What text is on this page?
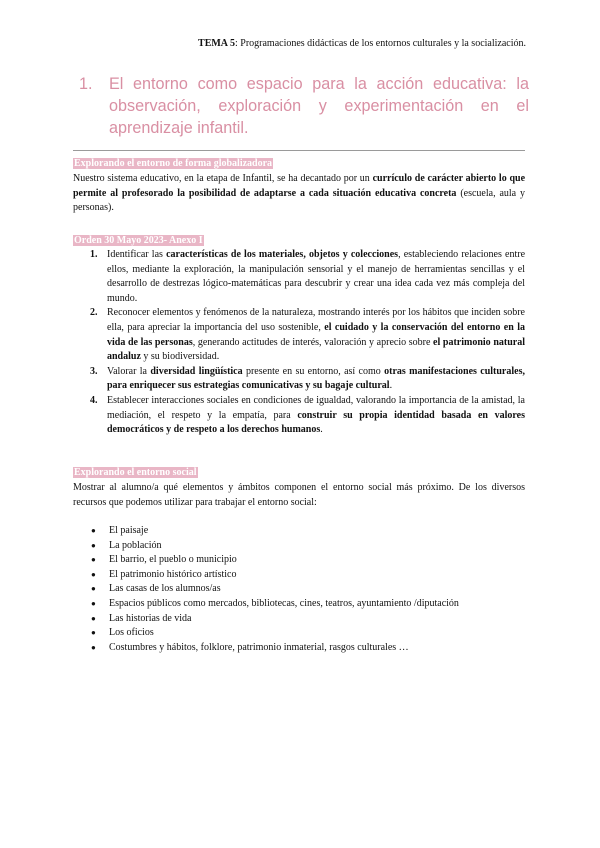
TEMA 5: Programaciones didácticas de los entornos culturales y la socialización.
1.	El entorno como espacio para la acción educativa: la observación, exploración y experimentación en el aprendizaje infantil.
Explorando el entorno de forma globalizadora
Nuestro sistema educativo, en la etapa de Infantil, se ha decantado por un currículo de carácter abierto lo que permite al profesorado la posibilidad de adaptarse a cada situación educativa concreta (escuela, aula y personas).
Orden 30 Mayo 2023- Anexo I
1. Identificar las características de los materiales, objetos y colecciones, estableciendo relaciones entre ellos, mediante la exploración, la manipulación sensorial y el manejo de herramientas sencillas y el desarrollo de destrezas lógico-matemáticas para descubrir y crear una idea cada vez más compleja del mundo.
2. Reconocer elementos y fenómenos de la naturaleza, mostrando interés por los hábitos que inciden sobre ella, para apreciar la importancia del uso sostenible, el cuidado y la conservación del entorno en la vida de las personas, generando actitudes de interés, valoración y aprecio sobre el patrimonio natural andaluz y su biodiversidad.
3. Valorar la diversidad lingüística presente en su entorno, así como otras manifestaciones culturales, para enriquecer sus estrategias comunicativas y su bagaje cultural.
4. Establecer interacciones sociales en condiciones de igualdad, valorando la importancia de la amistad, la mediación, el respeto y la empatía, para construir su propia identidad basada en valores democráticos y de respeto a los derechos humanos.
Explorando el entorno social
Mostrar al alumno/a qué elementos y ámbitos componen el entorno social más próximo. De los diversos recursos que podemos utilizar para trabajar el entorno social:
●	El paisaje
●	La población
●	El barrio, el pueblo o municipio
●	El patrimonio histórico artístico
●	Las casas de los alumnos/as
●	Espacios públicos como mercados, bibliotecas, cines, teatros, ayuntamiento /diputación
●	Las historias de vida
●	Los oficios
●	Costumbres y hábitos, folklore, patrimonio inmaterial, rasgos culturales …
